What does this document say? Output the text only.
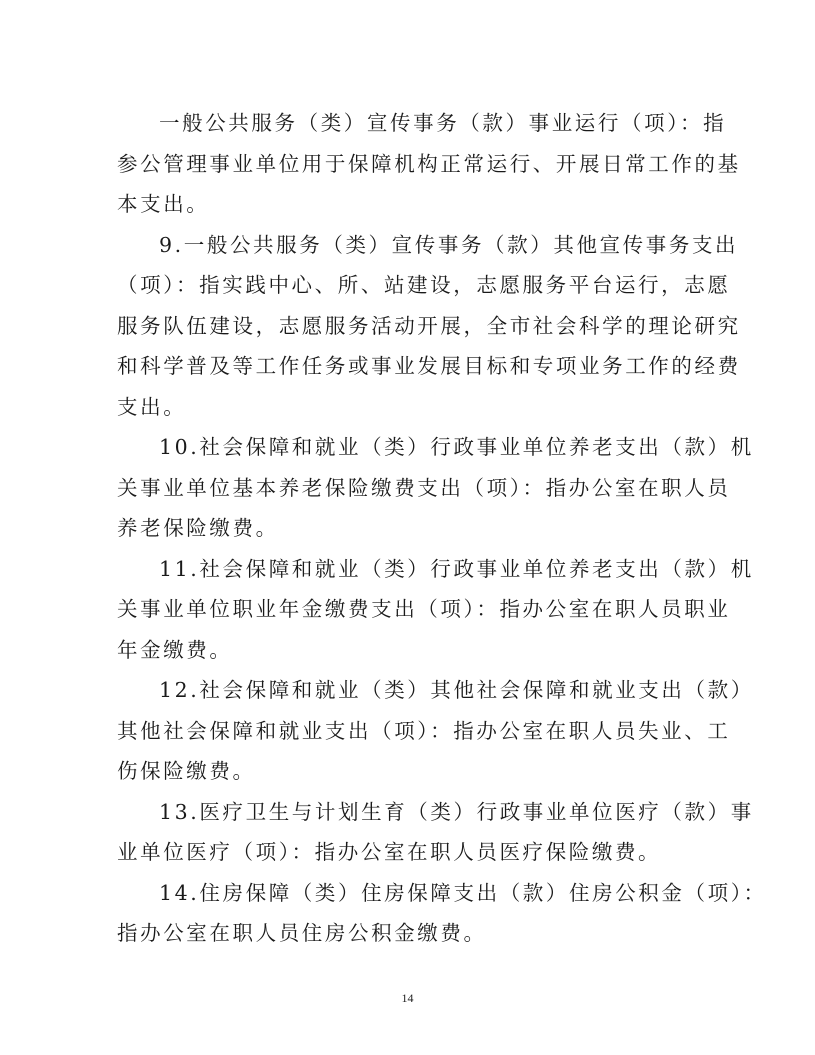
一般公共服务（类）宣传事务（款）事业运行（项）：指
参公管理事业单位用于保障机构正常运行、开展日常工作的基
本支出。
9.一般公共服务（类）宣传事务（款）其他宣传事务支出
（项）：指实践中心、所、站建设，志愿服务平台运行，志愿
服务队伍建设，志愿服务活动开展，全市社会科学的理论研究
和科学普及等工作任务或事业发展目标和专项业务工作的经费
支出。
10.社会保障和就业（类）行政事业单位养老支出（款）机
关事业单位基本养老保险缴费支出（项）：指办公室在职人员
养老保险缴费。
11.社会保障和就业（类）行政事业单位养老支出（款）机
关事业单位职业年金缴费支出（项）：指办公室在职人员职业
年金缴费。
12.社会保障和就业（类）其他社会保障和就业支出（款）
其他社会保障和就业支出（项）：指办公室在职人员失业、工
伤保险缴费。
13.医疗卫生与计划生育（类）行政事业单位医疗（款）事
业单位医疗（项）：指办公室在职人员医疗保险缴费。
14.住房保障（类）住房保障支出（款）住房公积金（项）：
指办公室在职人员住房公积金缴费。
14
